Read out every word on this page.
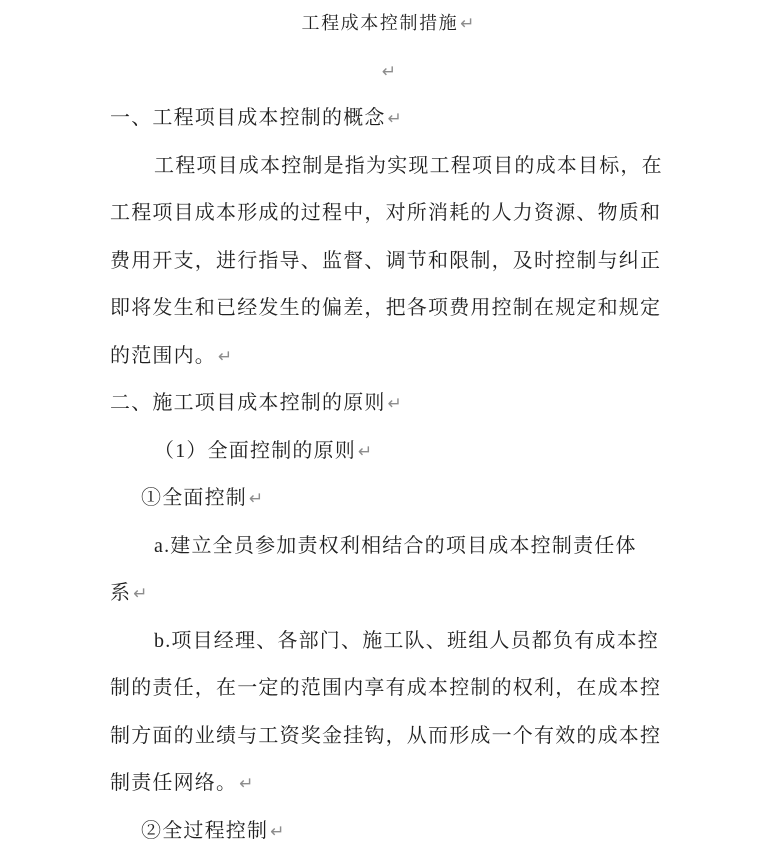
工程成本控制措施 ↵
↵
一、工程项目成本控制的概念 ↵
工程项目成本控制是指为实现工程项目的成本目标，在
工程项目成本形成的过程中，对所消耗的人力资源、物质和
费用开支，进行指导、监督、调节和限制，及时控制与纠正
即将发生和已经发生的偏差，把各项费用控制在规定和规定
的范围内。 ↵
二、施工项目成本控制的原则 ↵
（1）全面控制的原则 ↵
①全面控制 ↵
a.建立全员参加责权利相结合的项目成本控制责任体
系 ↵
b.项目经理、各部门、施工队、班组人员都负有成本控
制的责任，在一定的范围内享有成本控制的权利，在成本控
制方面的业绩与工资奖金挂钩，从而形成一个有效的成本控
制责任网络。 ↵
②全过程控制 ↵
